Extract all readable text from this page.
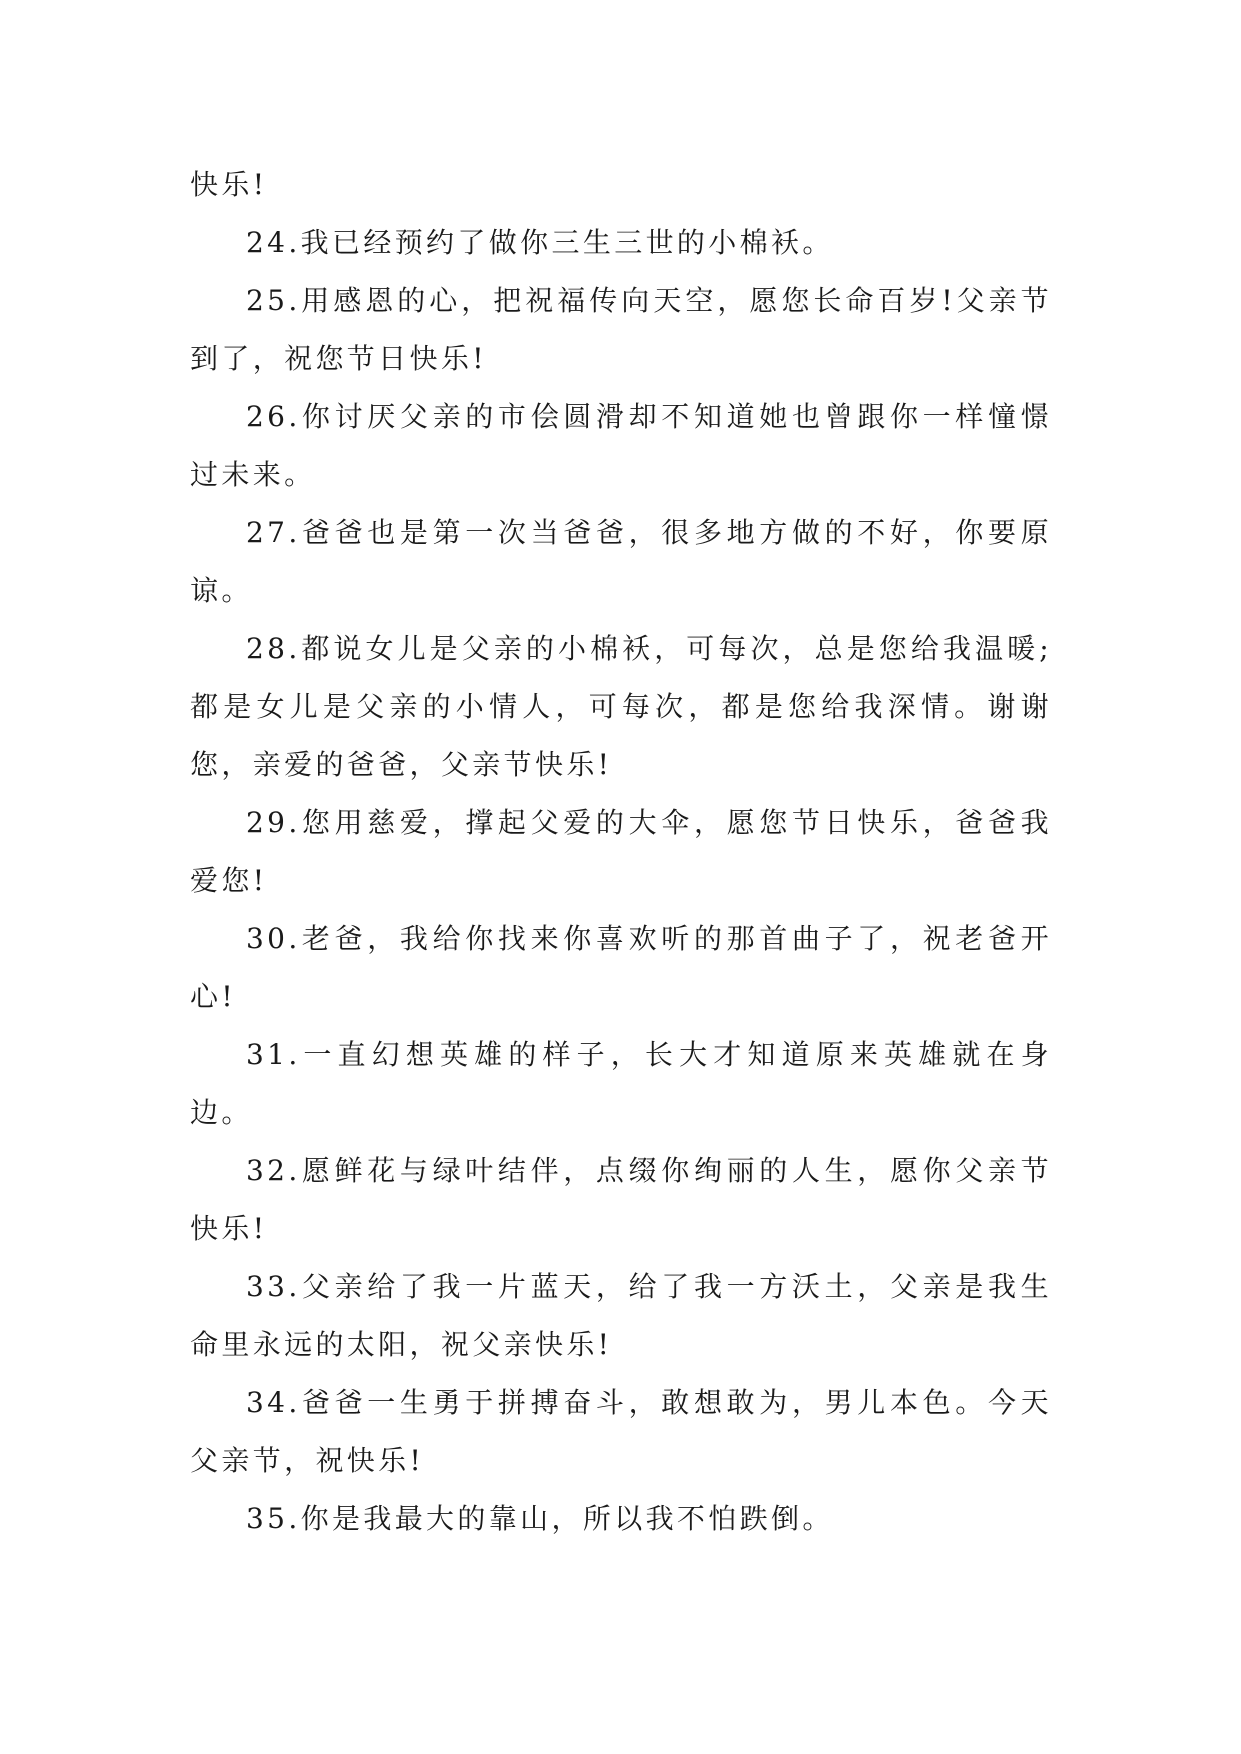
快乐!

24.我已经预约了做你三生三世的小棉袄。

25.用感恩的心，把祝福传向天空，愿您长命百岁!父亲节到了，祝您节日快乐!

26.你讨厌父亲的市侩圆滑却不知道她也曾跟你一样憧憬过未来。

27.爸爸也是第一次当爸爸，很多地方做的不好，你要原谅。

28.都说女儿是父亲的小棉袄，可每次，总是您给我温暖;都是女儿是父亲的小情人，可每次，都是您给我深情。谢谢您，亲爱的爸爸，父亲节快乐!

29.您用慈爱，撑起父爱的大伞，愿您节日快乐，爸爸我爱您!

30.老爸，我给你找来你喜欢听的那首曲子了，祝老爸开心!

31.一直幻想英雄的样子，长大才知道原来英雄就在身边。

32.愿鲜花与绿叶结伴，点缀你绚丽的人生，愿你父亲节快乐!

33.父亲给了我一片蓝天，给了我一方沃土，父亲是我生命里永远的太阳，祝父亲快乐!

34.爸爸一生勇于拼搏奋斗，敢想敢为，男儿本色。今天父亲节，祝快乐!

35.你是我最大的靠山，所以我不怕跌倒。
